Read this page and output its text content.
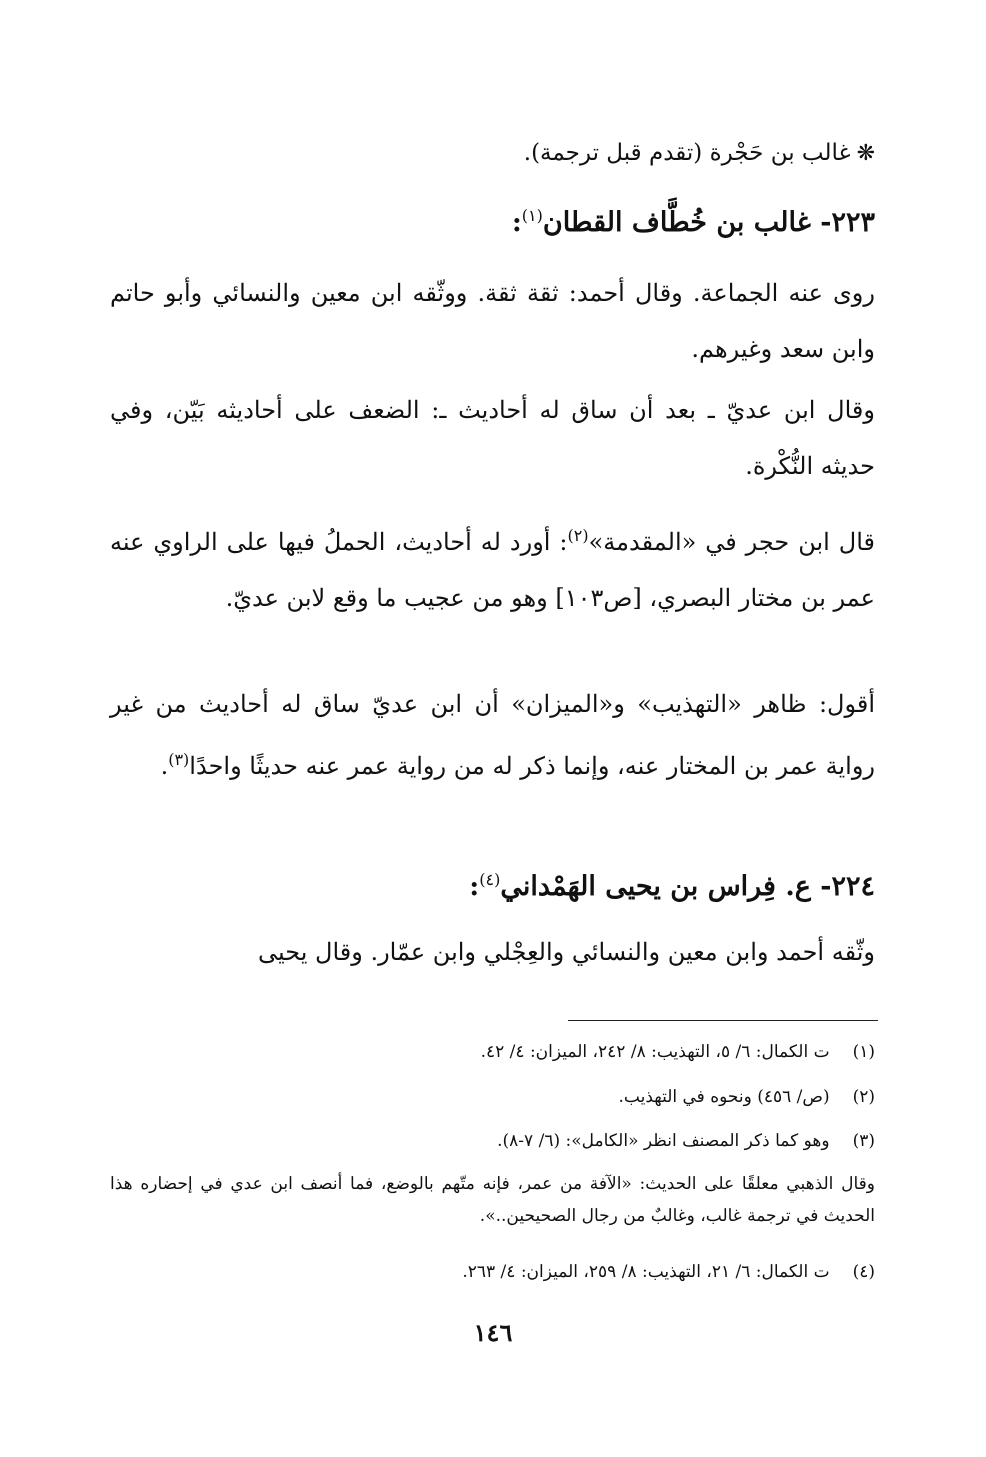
❋غالب بن حَجْرة (تقدم قبل ترجمة).

٢٢٣- غالب بن خُطَّاف القطان$^{(١)}$:

روى عنه الجماعة. وقال أحمد: ثقة ثقة. ووثّقه ابن معين والنسائي وأبو حاتم وابن سعد وغيرهم.

وقال ابن عديّ ـ بعد أن ساق له أحاديث ـ: الضعف على أحاديثه بَيّن، وفي حديثه النُّكْرة.

قال ابن حجر في «المقدمة»$^{(٢)}$: أورد له أحاديث، الحملُ فيها على الراوي عنه عمر بن مختار البصري، [ص١٠٣] وهو من عجيب ما وقع لابن عديّ.

أقول: ظاهر «التهذيب» و«الميزان» أن ابن عديّ ساق له أحاديث من غير رواية عمر بن المختار عنه، وإنما ذكر له من رواية عمر عنه حديثًا واحدًا$^{(٣)}$.

٢٢٤- ع. فِراس بن يحيى الهَمْداني$^{(٤)}$:

وثّقه أحمد وابن معين والنسائي والعِجْلي وابن عمّار. وقال يحيى

(١) ت الكمال: ٦/ ٥، التهذيب: ٨/ ٢٤٢، الميزان: ٤/ ٤٢.

(٢) (ص/ ٤٥٦) ونحوه في التهذيب.

(٣) وهو كما ذكر المصنف انظر «الكامل»: (٦/ ٧-٨).

وقال الذهبي معلقًا على الحديث: «الآفة من عمر، فإنه متّهم بالوضع، فما أنصف ابن عدي في إحضاره هذا الحديث في ترجمة غالب، وغالبٌ من رجال الصحيحين..».

(٤) ت الكمال: ٦/ ٢١، التهذيب: ٨/ ٢٥٩، الميزان: ٤/ ٢٦٣.

١٤٦
